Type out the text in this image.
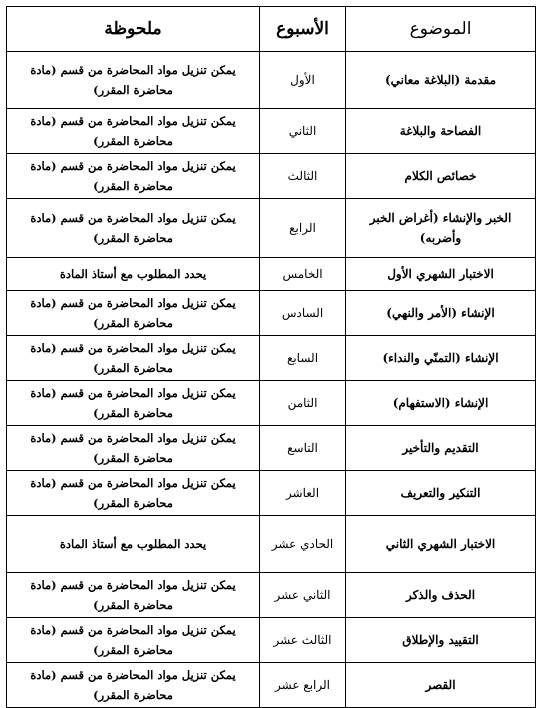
الموضوع	الأسبوع	ملحوظة
مقدمة (البلاغة معاني)	الأول	يمكن تنزيل مواد المحاضرة من قسم (مادة محاضرة المقرر)
الفصاحة والبلاغة	الثاني	يمكن تنزيل مواد المحاضرة من قسم (مادة محاضرة المقرر)
خصائص الكلام	الثالث	يمكن تنزيل مواد المحاضرة من قسم (مادة محاضرة المقرر)
الخبر والإنشاء (أغراض الخبر وأضربه)	الرابع	يمكن تنزيل مواد المحاضرة من قسم (مادة محاضرة المقرر)
الاختبار الشهري الأول	الخامس	يحدد المطلوب مع أستاذ المادة
الإنشاء (الأمر والنهي)	السادس	يمكن تنزيل مواد المحاضرة من قسم (مادة محاضرة المقرر)
الإنشاء (التمنّي والنداء)	السابع	يمكن تنزيل مواد المحاضرة من قسم (مادة محاضرة المقرر)
الإنشاء (الاستفهام)	الثامن	يمكن تنزيل مواد المحاضرة من قسم (مادة محاضرة المقرر)
التقديم والتأخير	التاسع	يمكن تنزيل مواد المحاضرة من قسم (مادة محاضرة المقرر)
التنكير والتعريف	العاشر	يمكن تنزيل مواد المحاضرة من قسم (مادة محاضرة المقرر)
الاختبار الشهري الثاني	الحادي عشر	يحدد المطلوب مع أستاذ المادة
الحذف والذكر	الثاني عشر	يمكن تنزيل مواد المحاضرة من قسم (مادة محاضرة المقرر)
التقييد والإطلاق	الثالث عشر	يمكن تنزيل مواد المحاضرة من قسم (مادة محاضرة المقرر)
القصر	الرابع عشر	يمكن تنزيل مواد المحاضرة من قسم (مادة محاضرة المقرر)
